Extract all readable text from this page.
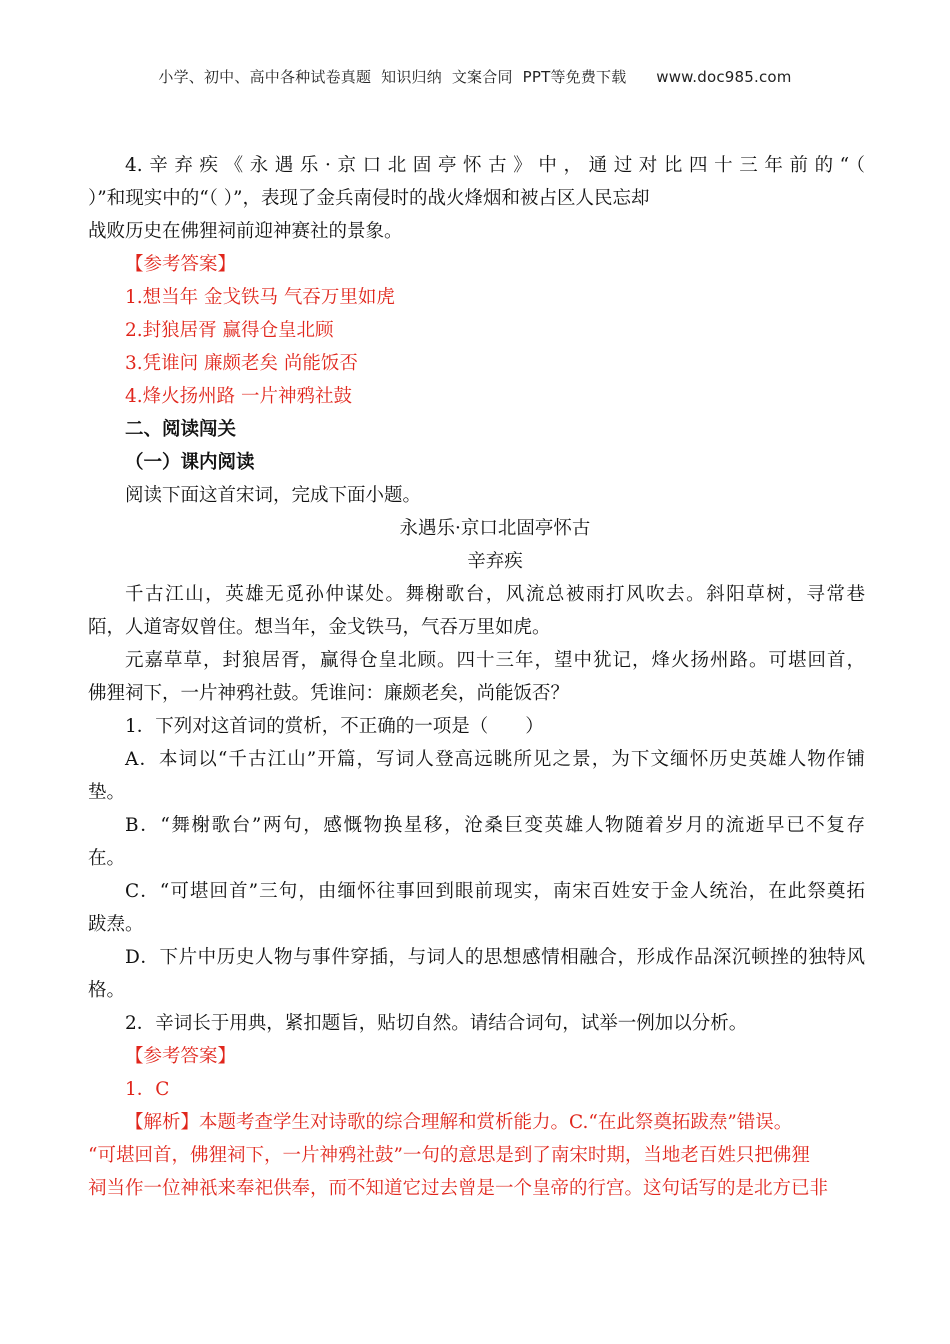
小学、初中、高中各种试卷真题  知识归纳  文案合同  PPT等免费下载      www.doc985.com
4.辛弃疾《永遇乐·京口北固亭怀古》中，通过对比四十三年前的“（
）”和现实中的“（ ）”，表现了金兵南侵时的战火烽烟和被占区人民忘却
战败历史在佛狸祠前迎神赛社的景象。
【参考答案】
1.想当年 金戈铁马 气吞万里如虎
2.封狼居胥 赢得仓皇北顾
3.凭谁问 廉颇老矣 尚能饭否
4.烽火扬州路 一片神鸦社鼓
二、阅读闯关
（一）课内阅读
阅读下面这首宋词，完成下面小题。
永遇乐·京口北固亭怀古
辛弃疾
千古江山，英雄无觅孙仲谋处。舞榭歌台，风流总被雨打风吹去。斜阳草树，寻常巷
陌，人道寄奴曾住。想当年，金戈铁马，气吞万里如虎。
元嘉草草，封狼居胥，赢得仓皇北顾。四十三年，望中犹记，烽火扬州路。可堪回首，
佛狸祠下，一片神鸦社鼓。凭谁问：廉颇老矣，尚能饭否？
1．下列对这首词的赏析，不正确的一项是（　　）
A．本词以“千古江山”开篇，写词人登高远眺所见之景，为下文缅怀历史英雄人物作铺
垫。
B．“舞榭歌台”两句，感慨物换星移，沧桑巨变英雄人物随着岁月的流逝早已不复存
在。
C．“可堪回首”三句，由缅怀往事回到眼前现实，南宋百姓安于金人统治，在此祭奠拓
跋焘。
D．下片中历史人物与事件穿插，与词人的思想感情相融合，形成作品深沉顿挫的独特风
格。
2．辛词长于用典，紧扣题旨，贴切自然。请结合词句，试举一例加以分析。
【参考答案】
1．C
【解析】本题考查学生对诗歌的综合理解和赏析能力。C.“在此祭奠拓跋焘”错误。
“可堪回首，佛狸祠下，一片神鸦社鼓”一句的意思是到了南宋时期，当地老百姓只把佛狸
祠当作一位神祇来奉祀供奉，而不知道它过去曾是一个皇帝的行宫。这句话写的是北方已非
